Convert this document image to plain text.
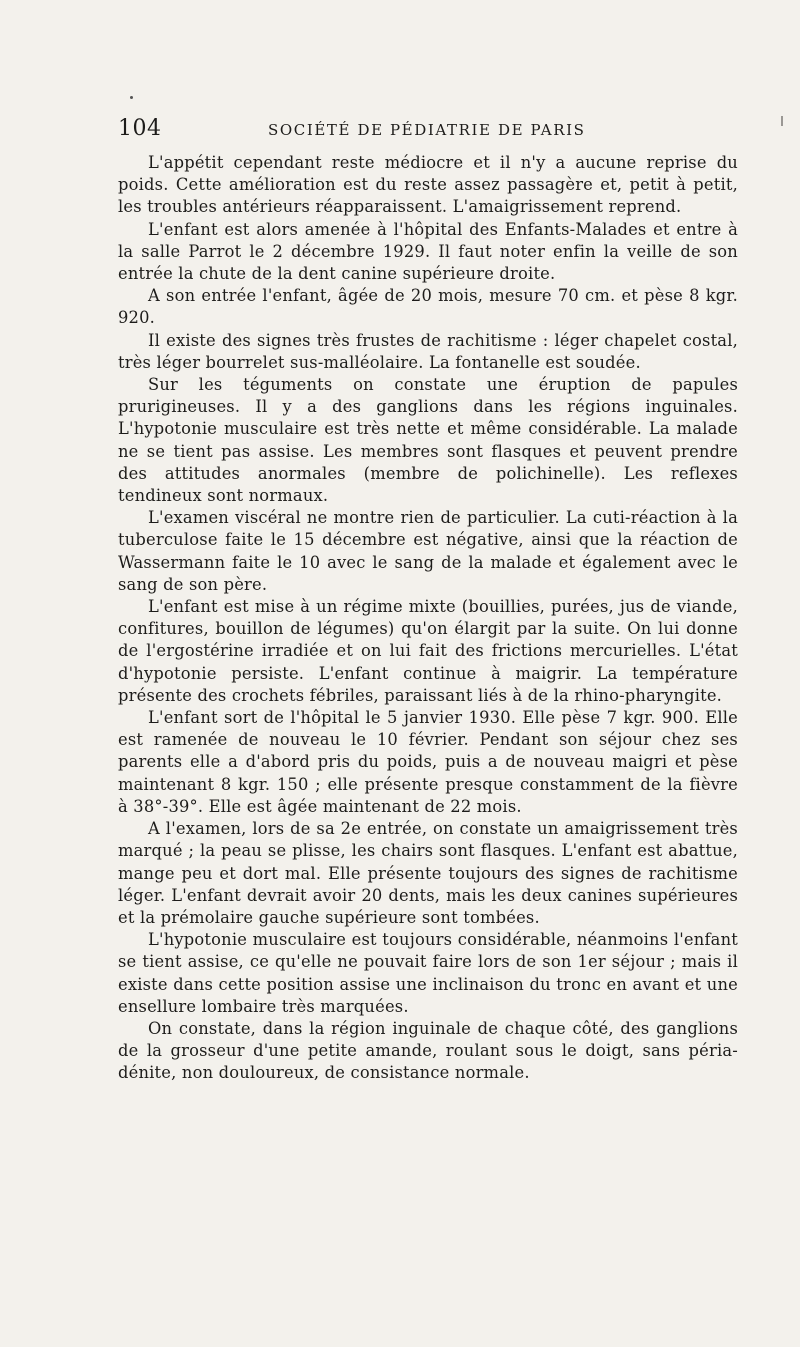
104	SOCIÉTÉ DE PÉDIATRIE DE PARIS

L'appétit cependant reste médiocre et il n'y a aucune reprise du poids. Cette amélioration est du reste assez passagère et, petit à petit, les troubles antérieurs réapparaissent. L'amaigrissement reprend.

L'enfant est alors amenée à l'hôpital des Enfants-Malades et entre à la salle Parrot le 2 décembre 1929. Il faut noter enfin la veille de son entrée la chute de la dent canine supérieure droite.

A son entrée l'enfant, âgée de 20 mois, mesure 70 cm. et pèse 8 kgr. 920.

Il existe des signes très frustes de rachitisme : léger chapelet costal, très léger bourrelet sus-malléolaire. La fontanelle est soudée.

Sur les téguments on constate une éruption de papules prurigineuses. Il y a des ganglions dans les régions inguinales. L'hypotonie musculaire est très nette et même considérable. La malade ne se tient pas assise. Les membres sont flasques et peuvent prendre des attitudes anormales (membre de polichinelle). Les reflexes tendineux sont normaux.

L'examen viscéral ne montre rien de particulier. La cuti-réaction à la tuberculose faite le 15 décembre est négative, ainsi que la réaction de Wassermann faite le 10 avec le sang de la malade et également avec le sang de son père.

L'enfant est mise à un régime mixte (bouillies, purées, jus de viande, confitures, bouillon de légumes) qu'on élargit par la suite. On lui donne de l'ergostérine irradiée et on lui fait des frictions mercurielles. L'état d'hypotonie persiste. L'enfant continue à maigrir. La température présente des crochets fébriles, paraissant liés à de la rhino-pharyngite.

L'enfant sort de l'hôpital le 5 janvier 1930. Elle pèse 7 kgr. 900. Elle est ramenée de nouveau le 10 février. Pendant son séjour chez ses parents elle a d'abord pris du poids, puis a de nouveau maigri et pèse maintenant 8 kgr. 150 ; elle présente presque constamment de la fièvre à 38°-39°. Elle est âgée maintenant de 22 mois.

A l'examen, lors de sa 2e entrée, on constate un amaigrissement très marqué ; la peau se plisse, les chairs sont flasques. L'enfant est abattue, mange peu et dort mal. Elle présente toujours des signes de rachitisme léger. L'enfant devrait avoir 20 dents, mais les deux canines supérieures et la prémolaire gauche supérieure sont tombées.

L'hypotonie musculaire est toujours considérable, néanmoins l'enfant se tient assise, ce qu'elle ne pouvait faire lors de son 1er séjour ; mais il existe dans cette position assise une inclinaison du tronc en avant et une ensellure lombaire très marquées.

On constate, dans la région inguinale de chaque côté, des ganglions de la grosseur d'une petite amande, roulant sous le doigt, sans péria-dénite, non douloureux, de consistance normale.
